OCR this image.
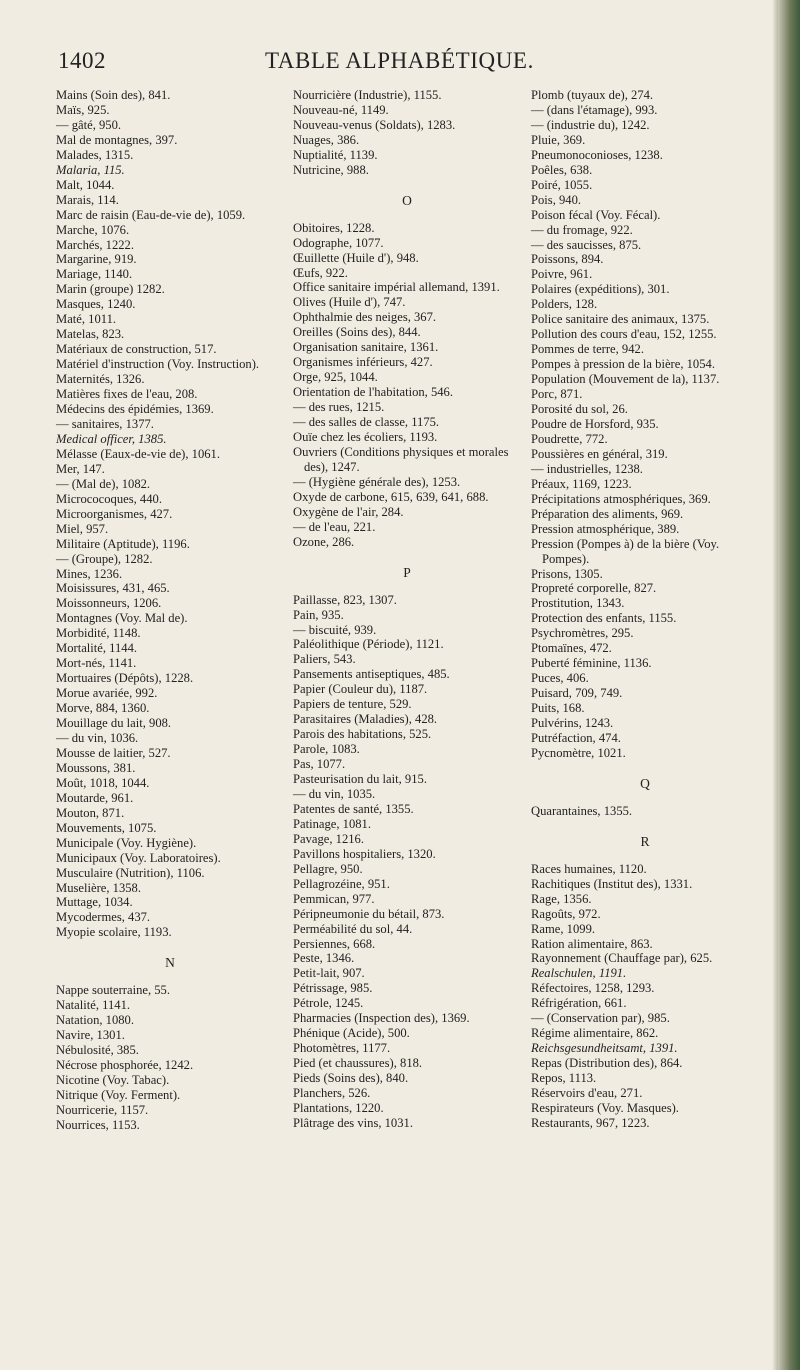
1402	TABLE ALPHABÉTIQUE.
Mains (Soin des), 841.
Maïs, 925.
— gâté, 950.
Mal de montagnes, 397.
Malades, 1315.
Malaria, 115.
Malt, 1044.
Marais, 114.
Marc de raisin (Eau-de-vie de), 1059.
Marche, 1076.
Marchés, 1222.
Margarine, 919.
Mariage, 1140.
Marin (groupe) 1282.
Masques, 1240.
Maté, 1011.
Matelas, 823.
Matériaux de construction, 517.
Matériel d'instruction (Voy. Instruction).
Maternités, 1326.
Matières fixes de l'eau, 208.
Médecins des épidémies, 1369.
— sanitaires, 1377.
Medical officer, 1385.
Mélasse (Eaux-de-vie de), 1061.
Mer, 147.
— (Mal de), 1082.
Micrococoques, 440.
Microorganismes, 427.
Miel, 957.
Militaire (Aptitude), 1196.
— (Groupe), 1282.
Mines, 1236.
Moisissures, 431, 465.
Moissonneurs, 1206.
Montagnes (Voy. Mal de).
Morbidité, 1148.
Mortalité, 1144.
Mort-nés, 1141.
Mortuaires (Dépôts), 1228.
Morue avariée, 992.
Morve, 884, 1360.
Mouillage du lait, 908.
— du vin, 1036.
Mousse de laitier, 527.
Moussons, 381.
Moût, 1018, 1044.
Moutarde, 961.
Mouton, 871.
Mouvements, 1075.
Municipale (Voy. Hygiène).
Municipaux (Voy. Laboratoires).
Musculaire (Nutrition), 1106.
Muselière, 1358.
Muttage, 1034.
Mycodermes, 437.
Myopie scolaire, 1193.
N
Nappe souterraine, 55.
Natalité, 1141.
Natation, 1080.
Navire, 1301.
Nébulosité, 385.
Nécrose phosphorée, 1242.
Nicotine (Voy. Tabac).
Nitrique (Voy. Ferment).
Nourricerie, 1157.
Nourrices, 1153.
Nourricière (Industrie), 1155.
Nouveau-né, 1149.
Nouveau-venus (Soldats), 1283.
Nuages, 386.
Nuptialité, 1139.
Nutricine, 988.
O
Obitoires, 1228.
Odographe, 1077.
Œuillette (Huile d'), 948.
Œufs, 922.
Office sanitaire impérial allemand, 1391.
Olives (Huile d'), 747.
Ophthalmie des neiges, 367.
Oreilles (Soins des), 844.
Organisation sanitaire, 1361.
Organismes inférieurs, 427.
Orge, 925, 1044.
Orientation de l'habitation, 546.
— des rues, 1215.
— des salles de classe, 1175.
Ouïe chez les écoliers, 1193.
Ouvriers (Conditions physiques et morales des), 1247.
— (Hygiène générale des), 1253.
Oxyde de carbone, 615, 639, 641, 688.
Oxygène de l'air, 284.
— de l'eau, 221.
Ozone, 286.
P
Paillasse, 823, 1307.
Pain, 935.
— biscuité, 939.
Paléolithique (Période), 1121.
Paliers, 543.
Pansements antiseptiques, 485.
Papier (Couleur du), 1187.
Papiers de tenture, 529.
Parasitaires (Maladies), 428.
Parois des habitations, 525.
Parole, 1083.
Pas, 1077.
Pasteurisation du lait, 915.
— du vin, 1035.
Patentes de santé, 1355.
Patinage, 1081.
Pavage, 1216.
Pavillons hospitaliers, 1320.
Pellagre, 950.
Pellagrozéine, 951.
Pemmican, 977.
Péripneumonie du bétail, 873.
Perméabilité du sol, 44.
Persiennes, 668.
Peste, 1346.
Petit-lait, 907.
Pétrissage, 985.
Pétrole, 1245.
Pharmacies (Inspection des), 1369.
Phénique (Acide), 500.
Photomètres, 1177.
Pied (et chaussures), 818.
Pieds (Soins des), 840.
Planchers, 526.
Plantations, 1220.
Plâtrage des vins, 1031.
Plomb (tuyaux de), 274.
— (dans l'étamage), 993.
— (industrie du), 1242.
Pluie, 369.
Pneumonoconioses, 1238.
Poêles, 638.
Poiré, 1055.
Pois, 940.
Poison fécal (Voy. Fécal).
— du fromage, 922.
— des saucisses, 875.
Poissons, 894.
Poivre, 961.
Polaires (expéditions), 301.
Polders, 128.
Police sanitaire des animaux, 1375.
Pollution des cours d'eau, 152, 1255.
Pommes de terre, 942.
Pompes à pression de la bière, 1054.
Population (Mouvement de la), 1137.
Porc, 871.
Porosité du sol, 26.
Poudre de Horsford, 935.
Poudrette, 772.
Poussières en général, 319.
— industrielles, 1238.
Préaux, 1169, 1223.
Précipitations atmosphériques, 369.
Préparation des aliments, 969.
Pression atmosphérique, 389.
Pression (Pompes à) de la bière (Voy. Pompes).
Prisons, 1305.
Propreté corporelle, 827.
Prostitution, 1343.
Protection des enfants, 1155.
Psychromètres, 295.
Ptomaïnes, 472.
Puberté féminine, 1136.
Puces, 406.
Puisard, 709, 749.
Puits, 168.
Pulvérins, 1243.
Putréfaction, 474.
Pycnomètre, 1021.
Q
Quarantaines, 1355.
R
Races humaines, 1120.
Rachitiques (Institut des), 1331.
Rage, 1356.
Ragoûts, 972.
Rame, 1099.
Ration alimentaire, 863.
Rayonnement (Chauffage par), 625.
Realschulen, 1191.
Réfectoires, 1258, 1293.
Réfrigération, 661.
— (Conservation par), 985.
Régime alimentaire, 862.
Reichsgesundheitsamt, 1391.
Repas (Distribution des), 864.
Repos, 1113.
Réservoirs d'eau, 271.
Respirateurs (Voy. Masques).
Restaurants, 967, 1223.
